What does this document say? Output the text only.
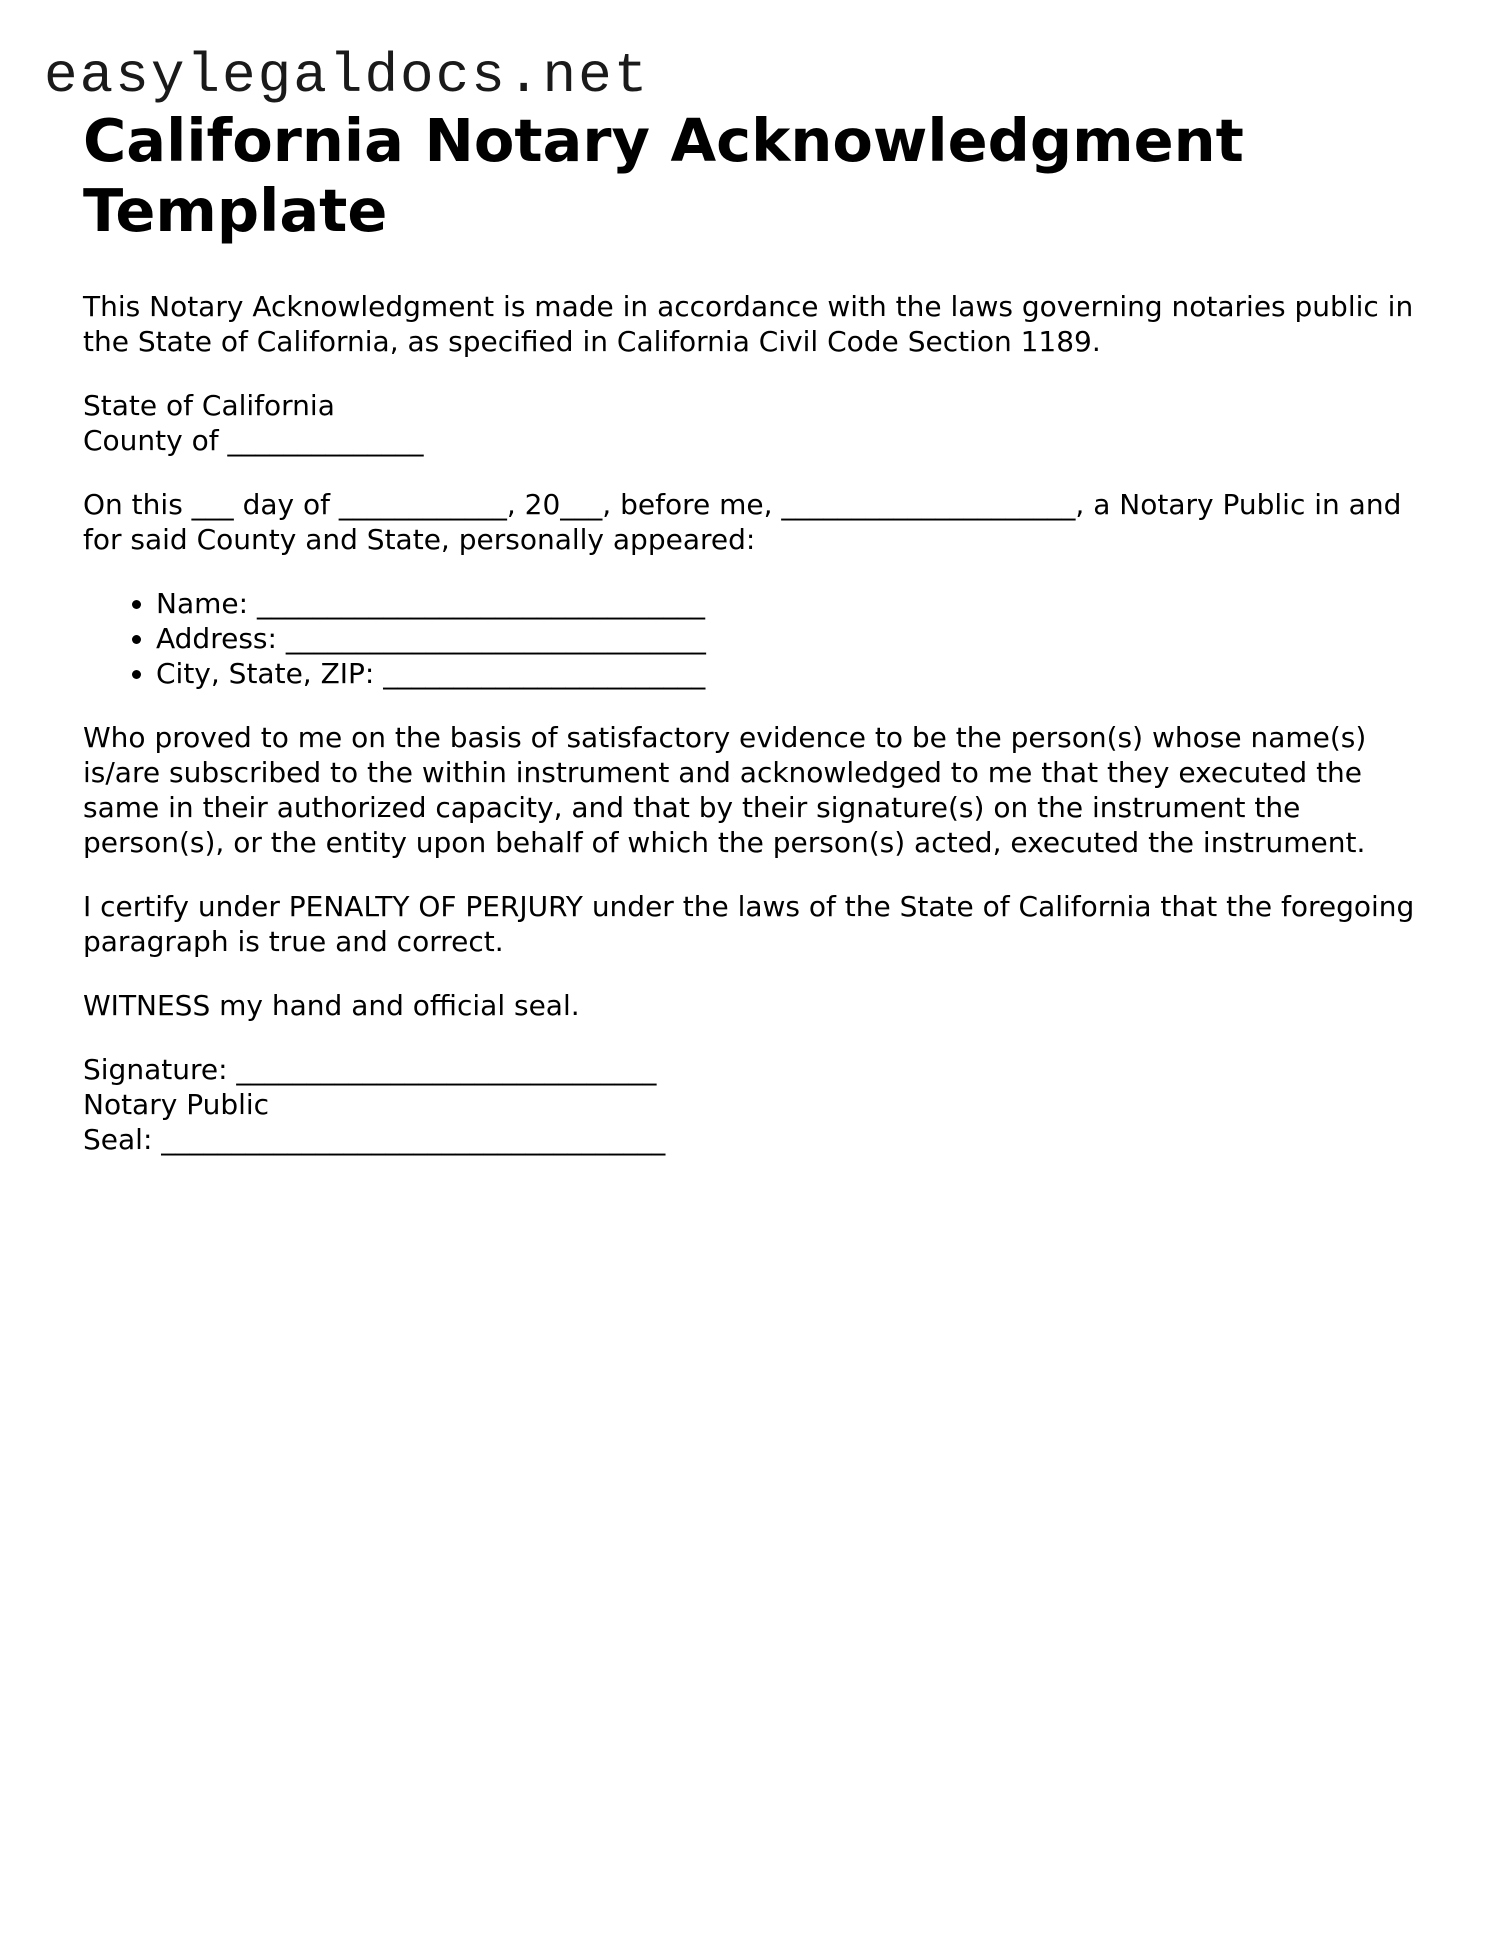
easylegaldocs.net
California Notary Acknowledgment Template

This Notary Acknowledgment is made in accordance with the laws governing notaries public in the State of California, as specified in California Civil Code Section 1189.

State of California
County of ______________

On this ___ day of ____________, 20___, before me, _____________________, a Notary Public in and for said County and State, personally appeared:

• Name: ________________________________
• Address: ______________________________
• City, State, ZIP: _______________________

Who proved to me on the basis of satisfactory evidence to be the person(s) whose name(s) is/are subscribed to the within instrument and acknowledged to me that they executed the same in their authorized capacity, and that by their signature(s) on the instrument the person(s), or the entity upon behalf of which the person(s) acted, executed the instrument.

I certify under PENALTY OF PERJURY under the laws of the State of California that the foregoing paragraph is true and correct.

WITNESS my hand and official seal.

Signature: ______________________________
Notary Public
Seal: ____________________________________
